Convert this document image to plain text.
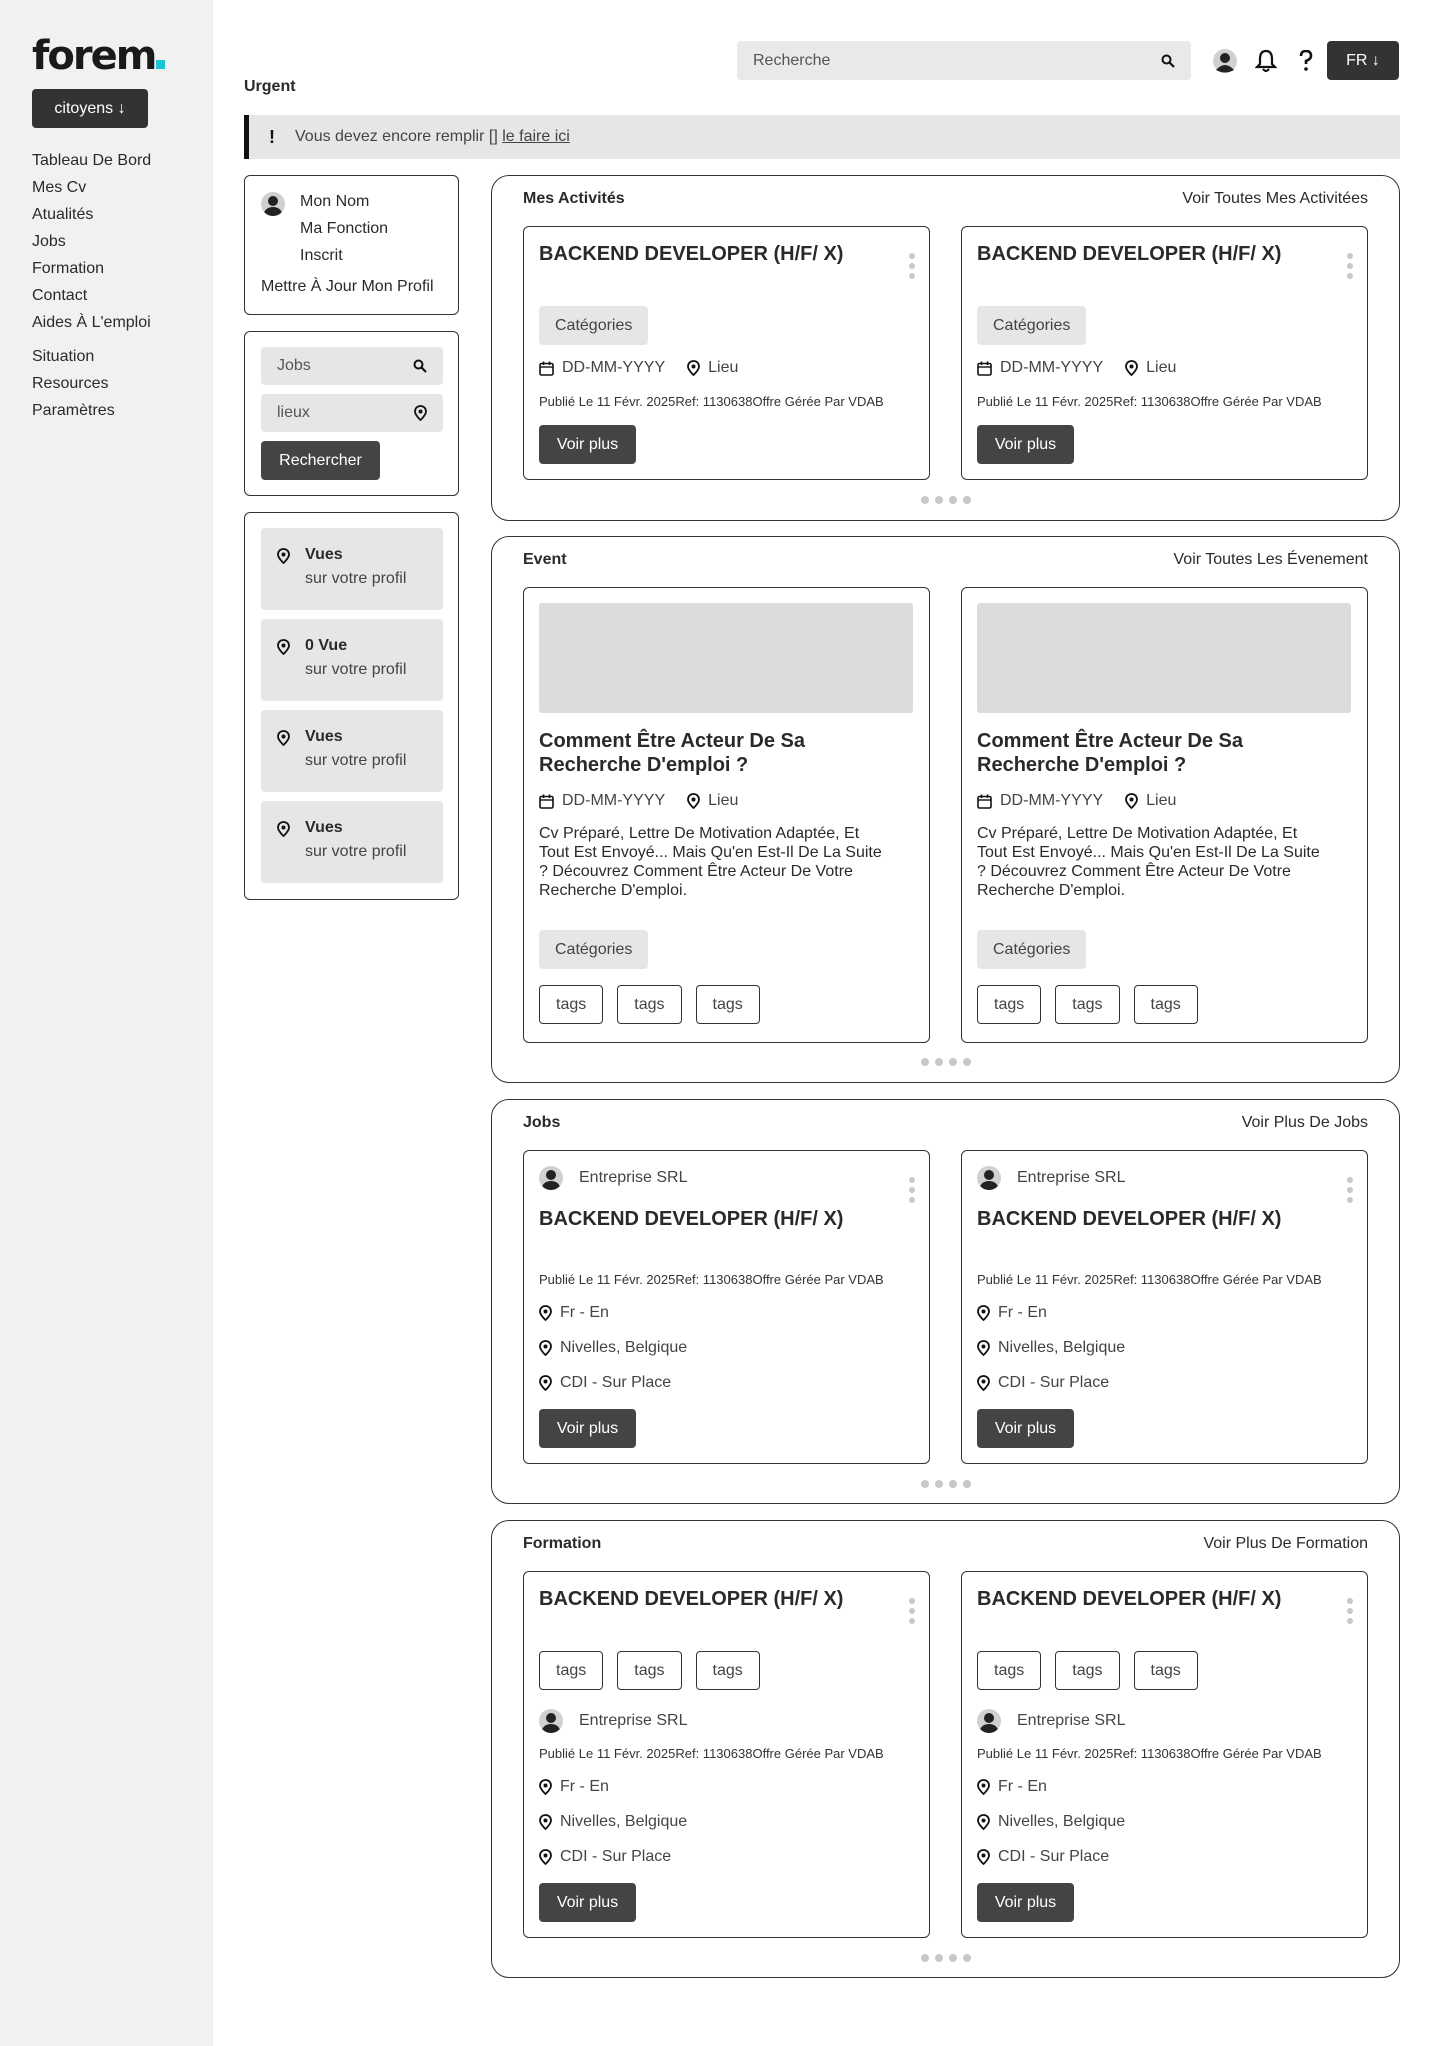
forem
citoyens ↓
Tableau De Bord
Mes Cv
Atualités
Jobs
Formation
Contact
Aides À L'emploi
Situation
Resources
Paramètres
Recherche	FR ↓
Urgent
! Vous devez encore remplir [] le faire ici
Mon Nom
Ma Fonction
Inscrit
Mettre À Jour Mon Profil
Jobs
lieux
Rechercher
Vues
sur votre profil
0 Vue
sur votre profil
Vues
sur votre profil
Vues
sur votre profil
Mes Activités	Voir Toutes Mes Activitées
BACKEND DEVELOPER (H/F/ X)
Catégories
DD-MM-YYYY	Lieu
Publié Le 11 Févr. 2025Ref: 1130638Offre Gérée Par VDAB
Voir plus
BACKEND DEVELOPER (H/F/ X)
Catégories
DD-MM-YYYY	Lieu
Publié Le 11 Févr. 2025Ref: 1130638Offre Gérée Par VDAB
Voir plus
Event	Voir Toutes Les Évenement
Comment Être Acteur De Sa Recherche D'emploi ?
DD-MM-YYYY	Lieu
Cv Préparé, Lettre De Motivation Adaptée, Et Tout Est Envoyé... Mais Qu'en Est-Il De La Suite ? Découvrez Comment Être Acteur De Votre Recherche D'emploi.
Catégories
tags	tags	tags
Comment Être Acteur De Sa Recherche D'emploi ?
DD-MM-YYYY	Lieu
Cv Préparé, Lettre De Motivation Adaptée, Et Tout Est Envoyé... Mais Qu'en Est-Il De La Suite ? Découvrez Comment Être Acteur De Votre Recherche D'emploi.
Catégories
tags	tags	tags
Jobs	Voir Plus De Jobs
Entreprise SRL
BACKEND DEVELOPER (H/F/ X)
Publié Le 11 Févr. 2025Ref: 1130638Offre Gérée Par VDAB
Fr - En
Nivelles, Belgique
CDI - Sur Place
Voir plus
Entreprise SRL
BACKEND DEVELOPER (H/F/ X)
Publié Le 11 Févr. 2025Ref: 1130638Offre Gérée Par VDAB
Fr - En
Nivelles, Belgique
CDI - Sur Place
Voir plus
Formation	Voir Plus De Formation
BACKEND DEVELOPER (H/F/ X)
tags	tags	tags
Entreprise SRL
Publié Le 11 Févr. 2025Ref: 1130638Offre Gérée Par VDAB
Fr - En
Nivelles, Belgique
CDI - Sur Place
Voir plus
BACKEND DEVELOPER (H/F/ X)
tags	tags	tags
Entreprise SRL
Publié Le 11 Févr. 2025Ref: 1130638Offre Gérée Par VDAB
Fr - En
Nivelles, Belgique
CDI - Sur Place
Voir plus
